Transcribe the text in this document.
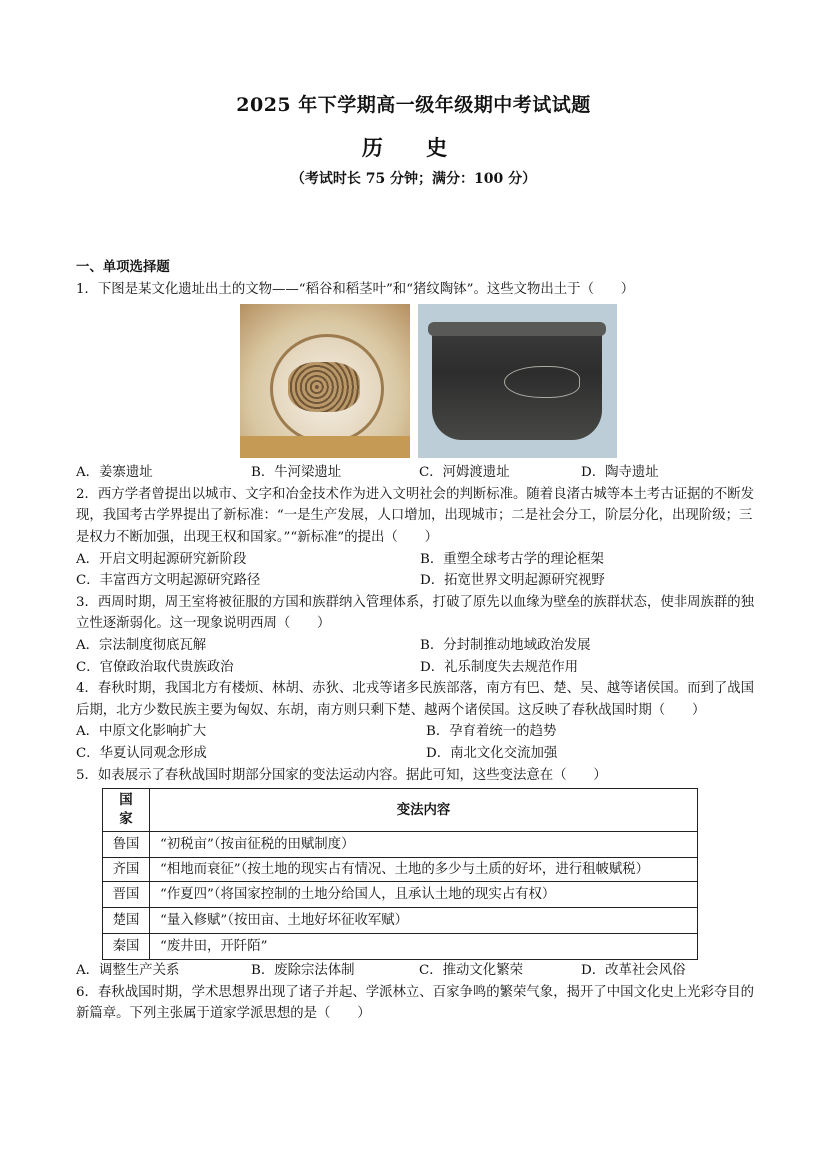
2025 年下学期高一级年级期中考试试题
历 史
（考试时长 75 分钟；满分：100 分）

一、单项选择题

1．下图是某文化遗址出土的文物——“稻谷和稻茎叶”和“猪纹陶钵”。这些文物出土于（　　）

A．姜寨遗址	B．牛河梁遗址	C．河姆渡遗址	D．陶寺遗址

2．西方学者曾提出以城市、文字和冶金技术作为进入文明社会的判断标准。随着良渚古城等本土考古证据的不断发现，我国考古学界提出了新标准：“一是生产发展，人口增加，出现城市；二是社会分工，阶层分化，出现阶级；三是权力不断加强，出现王权和国家。”“新标准”的提出（　　）

A．开启文明起源研究新阶段	B．重塑全球考古学的理论框架
C．丰富西方文明起源研究路径	D．拓宽世界文明起源研究视野

3．西周时期，周王室将被征服的方国和族群纳入管理体系，打破了原先以血缘为壁垒的族群状态，使非周族群的独立性逐渐弱化。这一现象说明西周（　　）

A．宗法制度彻底瓦解	B．分封制推动地域政治发展
C．官僚政治取代贵族政治	D．礼乐制度失去规范作用

4．春秋时期，我国北方有楼烦、林胡、赤狄、北戎等诸多民族部落，南方有巴、楚、吴、越等诸侯国。而到了战国后期，北方少数民族主要为匈奴、东胡，南方则只剩下楚、越两个诸侯国。这反映了春秋战国时期（　　）

A．中原文化影响扩大	B．孕育着统一的趋势
C．华夏认同观念形成	D．南北文化交流加强

5．如表展示了春秋战国时期部分国家的变法运动内容。据此可知，这些变法意在（　　）

国家	变法内容
鲁国	“初税亩”（按亩征税的田赋制度）
齐国	“相地而衰征”（按土地的现实占有情况、土地的多少与土质的好坏，进行租帔赋税）
晋国	“作夏四”（将国家控制的土地分给国人，且承认土地的现实占有权）
楚国	“量入修赋”（按田亩、土地好坏征收军赋）
秦国	“废井田，开阡陌”
A．调整生产关系	B．废除宗法体制	C．推动文化繁荣	D．改革社会风俗

6．春秋战国时期，学术思想界出现了诸子并起、学派林立、百家争鸣的繁荣气象，揭开了中国文化史上光彩夺目的新篇章。下列主张属于道家学派思想的是（　　）
